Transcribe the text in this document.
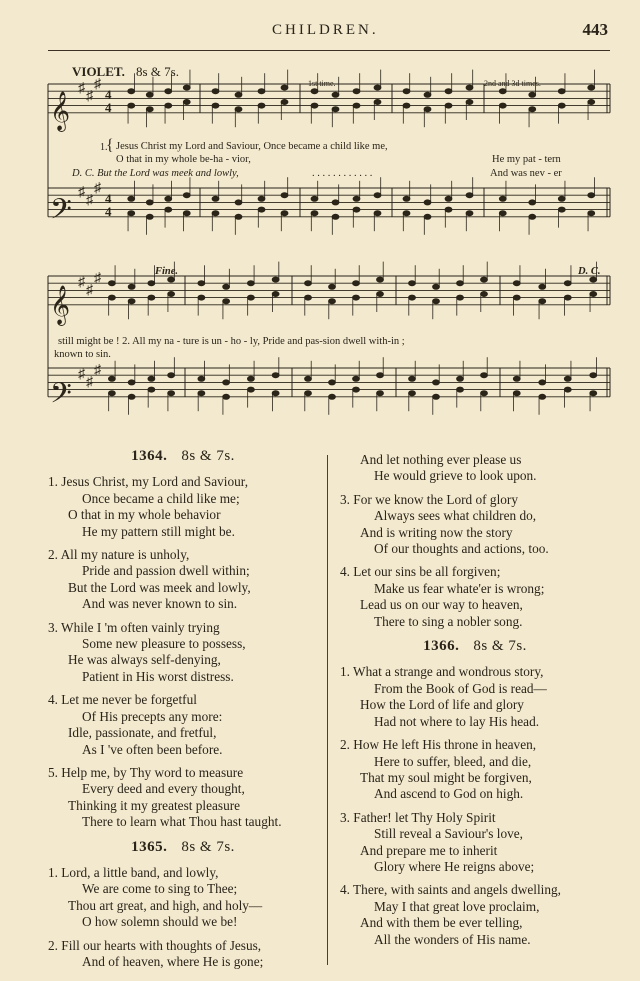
CHILDREN.	443
𝄞
𝄢
𝄞
𝄢
♯
♯
♯
♯
♯
♯
♯
♯
♯
♯
♯
♯
4
4
4
4
VIOLET. 8s & 7s.
1st time.	2nd and 3d times.
1.
{ Jesus Christ my Lord and Saviour, Once became a child like me,
O that in my whole be-ha - vior,	He my pat - tern
D. C. But the Lord was meek and lowly,	. . . . . . . . . . . .	And was nev - er
Fine.	D. C.
still might be ! 2. All my na - ture is un - ho - ly, Pride and pas-sion dwell with-in ;
known to sin.
1364. 8s & 7s.
1. Jesus Christ, my Lord and Saviour,
Once became a child like me;
O that in my whole behavior
He my pattern still might be.
2. All my nature is unholy,
Pride and passion dwell within;
But the Lord was meek and lowly,
And was never known to sin.
3. While I 'm often vainly trying
Some new pleasure to possess,
He was always self-denying,
Patient in His worst distress.
4. Let me never be forgetful
Of His precepts any more:
Idle, passionate, and fretful,
As I 've often been before.
5. Help me, by Thy word to measure
Every deed and every thought,
Thinking it my greatest pleasure
There to learn what Thou hast taught.
1365. 8s & 7s.
1. Lord, a little band, and lowly,
We are come to sing to Thee;
Thou art great, and high, and holy—
O how solemn should we be!
2. Fill our hearts with thoughts of Jesus,
And of heaven, where He is gone;
And let nothing ever please us
He would grieve to look upon.
3. For we know the Lord of glory
Always sees what children do,
And is writing now the story
Of our thoughts and actions, too.
4. Let our sins be all forgiven;
Make us fear whate'er is wrong;
Lead us on our way to heaven,
There to sing a nobler song.
1366. 8s & 7s.
1. What a strange and wondrous story,
From the Book of God is read—
How the Lord of life and glory
Had not where to lay His head.
2. How He left His throne in heaven,
Here to suffer, bleed, and die,
That my soul might be forgiven,
And ascend to God on high.
3. Father! let Thy Holy Spirit
Still reveal a Saviour's love,
And prepare me to inherit
Glory where He reigns above;
4. There, with saints and angels dwelling,
May I that great love proclaim,
And with them be ever telling,
All the wonders of His name.
